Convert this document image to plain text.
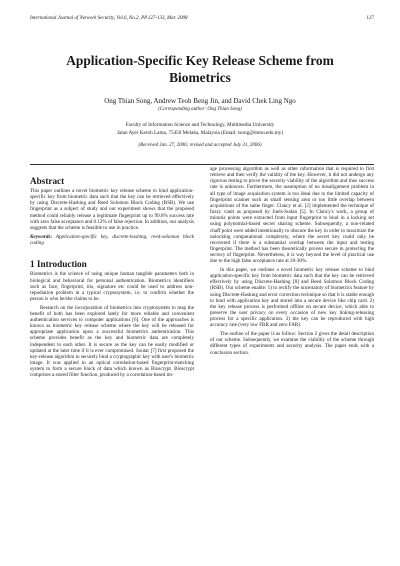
International Journal of Network Security, Vol.6, No.2, PP.127-133, Mar. 2008	127
Application-Specific Key Release Scheme from
Biometrics
Ong Thian Song, Andrew Teoh Beng Jin, and David Chek Ling Ngo
(Corresponding author: Ong Thian Song)
Faculty of Information Science and Technology, Multimedia University
Jalan Ayer Keroh Lama, 75450 Melaka, Malaysia (Email: tsong@mmu.edu.my)
(Received Jan. 27, 2006; revised and accepted July 31, 2006)
Abstract

This paper outlines a novel biometric key release scheme to bind application-specific key from biometric data such that the key can be retrieved effectively by using Discrete-Hashing and Reed Solomon Block Coding (RSB). We use fingerprint as a subject of study and our experiment shows that the proposed method could reliably release a legitimate fingerprint up to 99.8% success rate with zero false acceptance and 0.12% of false rejection. In addition, our analysis suggests that the scheme is feasible to use in practice.

Keywords: Application-specific key, discrete-hashing, reed-solomon block coding

1 Introduction

Biometrics is the science of using unique human tangible parameters both in biological and behavioral for personal authentication. Biometrics identifiers such as face, fingerprint, iris, signature etc could be used to address non-repudiation problem in a typical cryptosystem, i.e. to confirm whether the person is who he/she claims to be.

Research on the incorporation of biometrics into cryptosystem to reap the benefit of both has been explored lately for more reliable and convenient authentication services to computer applications [6]. One of the approaches is known as biometric key release scheme where the key will be released for appropriate application upon a successful biometrics authentication. This scheme provides benefit as the key and biometric data are completely independent to each other. It is secure as the key can be easily modified or updated at the later time if it is ever compromised. Soutar [7] first proposed the key-release algorithm to securely bind a cryptographic key with user's biometric image. It was applied in an optical correlation-based fingerprint-matching system to form a secure block of data which known as Bioscrypt. Bioscrypt comprises a stored filter function, produced by a correlation-based im-

age processing algorithm as well as other information that is required to first retrieve and then verify the validity of the key. However, it did not undergo any rigorous testing to prove the security viability of the algorithm and thus success rate is unknown. Furthermore, the assumption of no misalignment problem in all type of image acquisition system is too ideal due to the limited capacity of fingerprint scanner such as small sensing area or too little overlap between acquisitions of the same finger. Clancy et al. [2] implemented the technique of fuzzy vault as proposed by Juels-Sudan [5]. In Clancy's work, a group of minutia points were extracted from input fingerprint to bind in a locking set using polynomial-based secret sharing scheme. Subsequently, a non-related chaff point were added intentionally to obscure the key in order to maximize the unlocking computational complexity, where the secret key could only be recovered if there is a substantial overlap between the input and testing fingerprint. The method has been theoretically proven secure in protecting the secrecy of fingerprint. Nevertheless, it is way beyond the level of practical use due to the high false acceptance rate at 20-30%.

In this paper, we outlines a novel biometric key release scheme to bind application-specific key from biometric data such that the key can be retrieved effectively by using Discrete-Hashing [8] and Reed Solomon Block Coding (RSB). Our scheme enable: 1) to rectify the uncertainty of biometrics feature by using Discrete-Hashing and error correction technique so that it is stable enough to bind with application key and stored into a secure device like chip card. 2) the key release process is performed offline on secure device, which able to preserve the user privacy on every occasion of new key linking-releasing process for a specific application. 3) the key can be reproduced with high accuracy rate (very low FRR and zero FAR).

The outline of the paper is as follow: Section 2 gives the detail description of our scheme. Subsequently, we examine the viability of the scheme through different types of experiments and security analysis. The paper ends with a conclusion section.
